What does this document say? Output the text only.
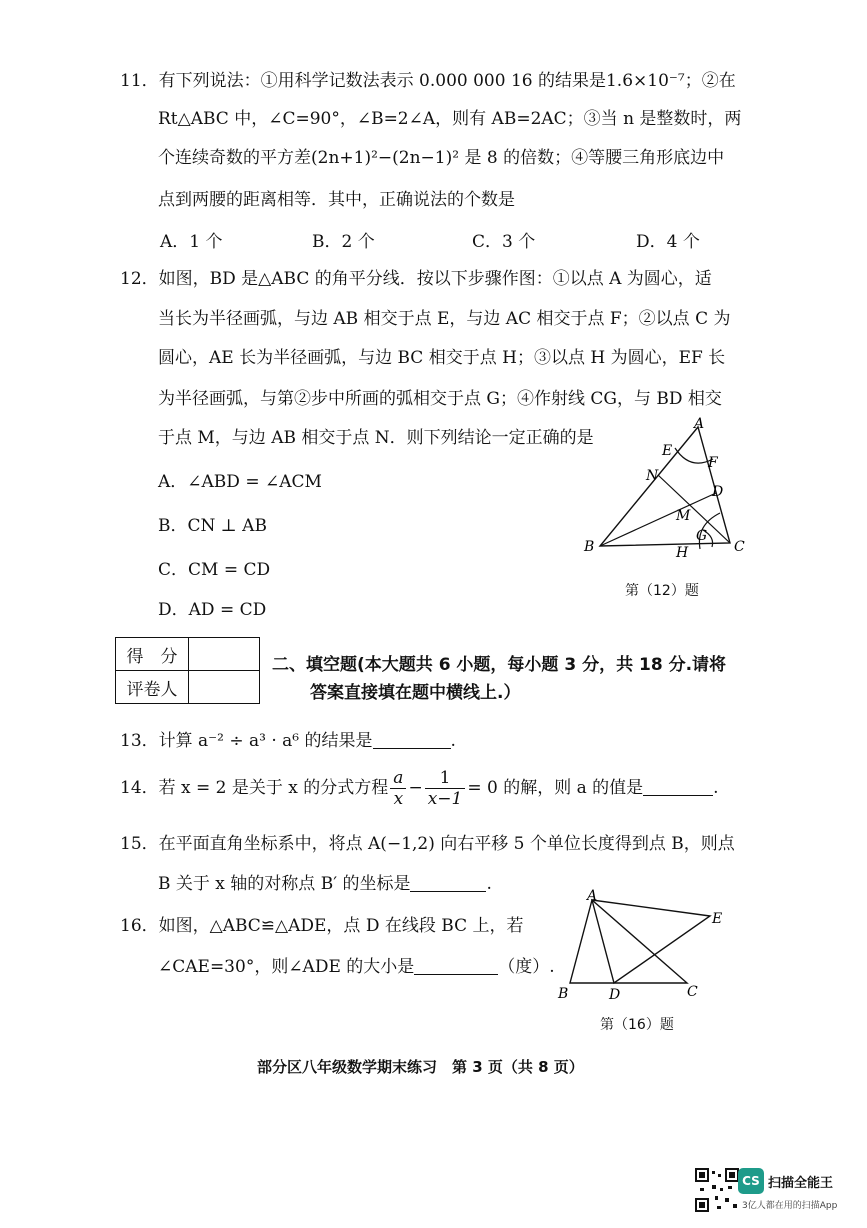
11．有下列说法：①用科学记数法表示 0.000 000 16 的结果是1.6×10⁻⁷；②在
Rt△ABC 中，∠C=90°，∠B=2∠A，则有 AB=2AC；③当 n 是整数时，两
个连续奇数的平方差(2n+1)²−(2n−1)² 是 8 的倍数；④等腰三角形底边中
点到两腰的距离相等．其中，正确说法的个数是
A．1 个	B．2 个	C．3 个	D．4 个
12．如图，BD 是△ABC 的角平分线．按以下步骤作图：①以点 A 为圆心，适
当长为半径画弧，与边 AB 相交于点 E，与边 AC 相交于点 F；②以点 C 为
圆心，AE 长为半径画弧，与边 BC 相交于点 H；③以点 H 为圆心，EF 长
为半径画弧，与第②步中所画的弧相交于点 G；④作射线 CG，与 BD 相交
于点 M，与边 AB 相交于点 N．则下列结论一定正确的是
A．∠ABD = ∠ACM
B．CN ⊥ AB
C．CM = CD
D．AD = CD
A
B	C
D
E
F
G
H
M
N
第（12）题
得　分	
评卷人	
二、填空题(本大题共 6 小题，每小题 3 分，共 18 分.请将
答案直接填在题中横线上.）
13．计算 a⁻² ÷ a³ · a⁶ 的结果是	.
14．若 x = 2 是关于 x 的分式方程 $\frac{a}{x} - \frac{1}{x-1} = 0$ 的解，则 a 的值是	.
15．在平面直角坐标系中，将点 A(−1,2) 向右平移 5 个单位长度得到点 B，则点
B 关于 x 轴的对称点 B′ 的坐标是	.
16．如图，△ABC≌△ADE，点 D 在线段 BC 上，若
∠CAE=30°，则∠ADE 的大小是	（度）.
A
B	C
D
E
第（16）题
部分区八年级数学期末练习　第 3 页（共 8 页）
CS 扫描全能王
3亿人都在用的扫描App
